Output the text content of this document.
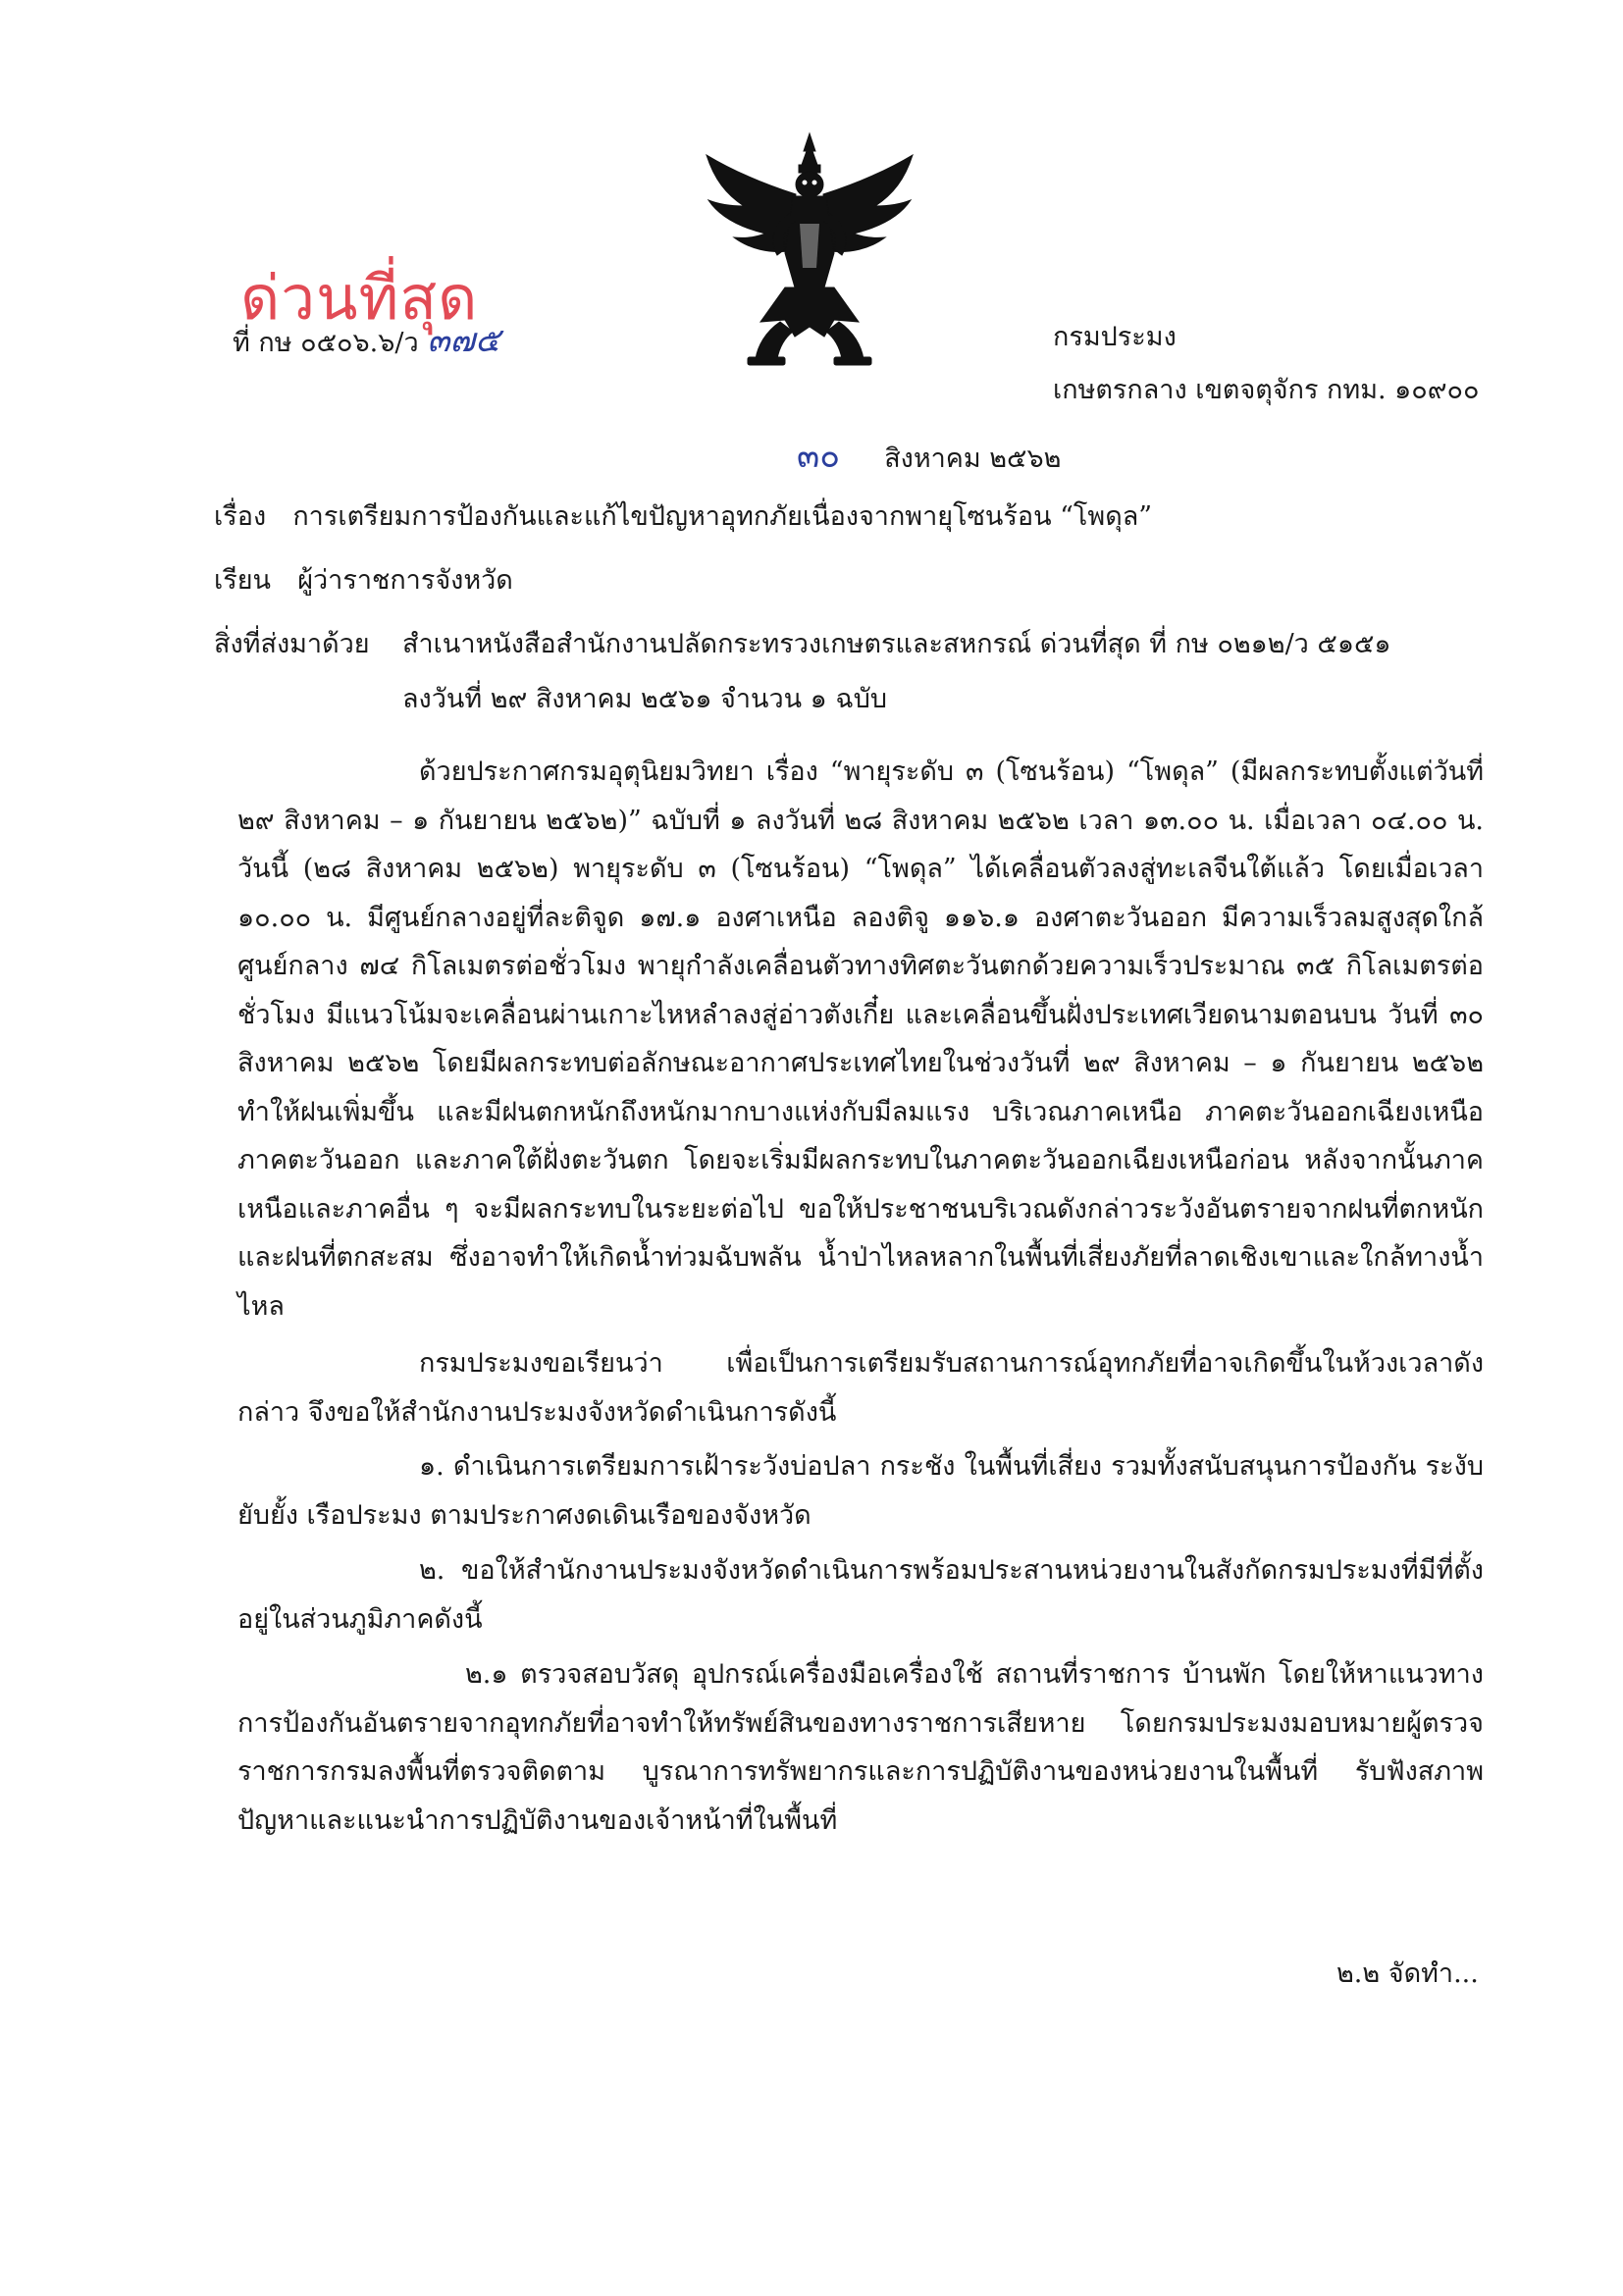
ด่วนที่สุด
ที่ กษ ๐๕๐๖.๖/ว ๓๗๕	กรมประมง
เกษตรกลาง เขตจตุจักร กทม. ๑๐๙๐๐
๓๐ สิงหาคม ๒๕๖๒
เรื่อง การเตรียมการป้องกันและแก้ไขปัญหาอุทกภัยเนื่องจากพายุโซนร้อน “โพดุล”
เรียน ผู้ว่าราชการจังหวัด
สิ่งที่ส่งมาด้วย สำเนาหนังสือสำนักงานปลัดกระทรวงเกษตรและสหกรณ์ ด่วนที่สุด ที่ กษ ๐๒๑๒/ว ๕๑๕๑
ลงวันที่ ๒๙ สิงหาคม ๒๕๖๑ จำนวน ๑ ฉบับ
ด้วยประกาศกรมอุตุนิยมวิทยา เรื่อง “พายุระดับ ๓ (โซนร้อน) “โพดุล” (มีผลกระทบตั้งแต่วันที่ ๒๙ สิงหาคม – ๑ กันยายน ๒๕๖๒)” ฉบับที่ ๑ ลงวันที่ ๒๘ สิงหาคม ๒๕๖๒ เวลา ๑๓.๐๐ น. เมื่อเวลา ๐๔.๐๐ น. วันนี้ (๒๘ สิงหาคม ๒๕๖๒) พายุระดับ ๓ (โซนร้อน) “โพดุล” ได้เคลื่อนตัวลงสู่ทะเลจีนใต้แล้ว โดยเมื่อเวลา ๑๐.๐๐ น. มีศูนย์กลางอยู่ที่ละติจูด ๑๗.๑ องศาเหนือ ลองติจู ๑๑๖.๑ องศาตะวันออก มีความเร็วลมสูงสุดใกล้ศูนย์กลาง ๗๔ กิโลเมตรต่อชั่วโมง พายุกำลังเคลื่อนตัวทางทิศตะวันตกด้วยความเร็วประมาณ ๓๕ กิโลเมตรต่อชั่วโมง มีแนวโน้มจะเคลื่อนผ่านเกาะไหหลำลงสู่อ่าวตังเกี๋ย และเคลื่อนขึ้นฝั่งประเทศเวียดนามตอนบน วันที่ ๓๐ สิงหาคม ๒๕๖๒ โดยมีผลกระทบต่อลักษณะอากาศประเทศไทยในช่วงวันที่ ๒๙ สิงหาคม – ๑ กันยายน ๒๕๖๒ ทำให้ฝนเพิ่มขึ้น และมีฝนตกหนักถึงหนักมากบางแห่งกับมีลมแรง บริเวณภาคเหนือ ภาคตะวันออกเฉียงเหนือ ภาคตะวันออก และภาคใต้ฝั่งตะวันตก โดยจะเริ่มมีผลกระทบในภาคตะวันออกเฉียงเหนือก่อน หลังจากนั้นภาคเหนือและภาคอื่น ๆ จะมีผลกระทบในระยะต่อไป ขอให้ประชาชนบริเวณดังกล่าวระวังอันตรายจากฝนที่ตกหนักและฝนที่ตกสะสม ซึ่งอาจทำให้เกิดน้ำท่วมฉับพลัน น้ำป่าไหลหลากในพื้นที่เสี่ยงภัยที่ลาดเชิงเขาและใกล้ทางน้ำไหล
กรมประมงขอเรียนว่า เพื่อเป็นการเตรียมรับสถานการณ์อุทกภัยที่อาจเกิดขึ้นในห้วงเวลาดังกล่าว จึงขอให้สำนักงานประมงจังหวัดดำเนินการดังนี้
๑. ดำเนินการเตรียมการเฝ้าระวังบ่อปลา กระชัง ในพื้นที่เสี่ยง รวมทั้งสนับสนุนการป้องกัน ระงับยับยั้ง เรือประมง ตามประกาศงดเดินเรือของจังหวัด
๒. ขอให้สำนักงานประมงจังหวัดดำเนินการพร้อมประสานหน่วยงานในสังกัดกรมประมงที่มีที่ตั้งอยู่ในส่วนภูมิภาคดังนี้
๒.๑ ตรวจสอบวัสดุ อุปกรณ์เครื่องมือเครื่องใช้ สถานที่ราชการ บ้านพัก โดยให้หาแนวทางการป้องกันอันตรายจากอุทกภัยที่อาจทำให้ทรัพย์สินของทางราชการเสียหาย โดยกรมประมงมอบหมายผู้ตรวจราชการกรมลงพื้นที่ตรวจติดตาม บูรณาการทรัพยากรและการปฏิบัติงานของหน่วยงานในพื้นที่ รับฟังสภาพปัญหาและแนะนำการปฏิบัติงานของเจ้าหน้าที่ในพื้นที่
๒.๒ จัดทำ...
